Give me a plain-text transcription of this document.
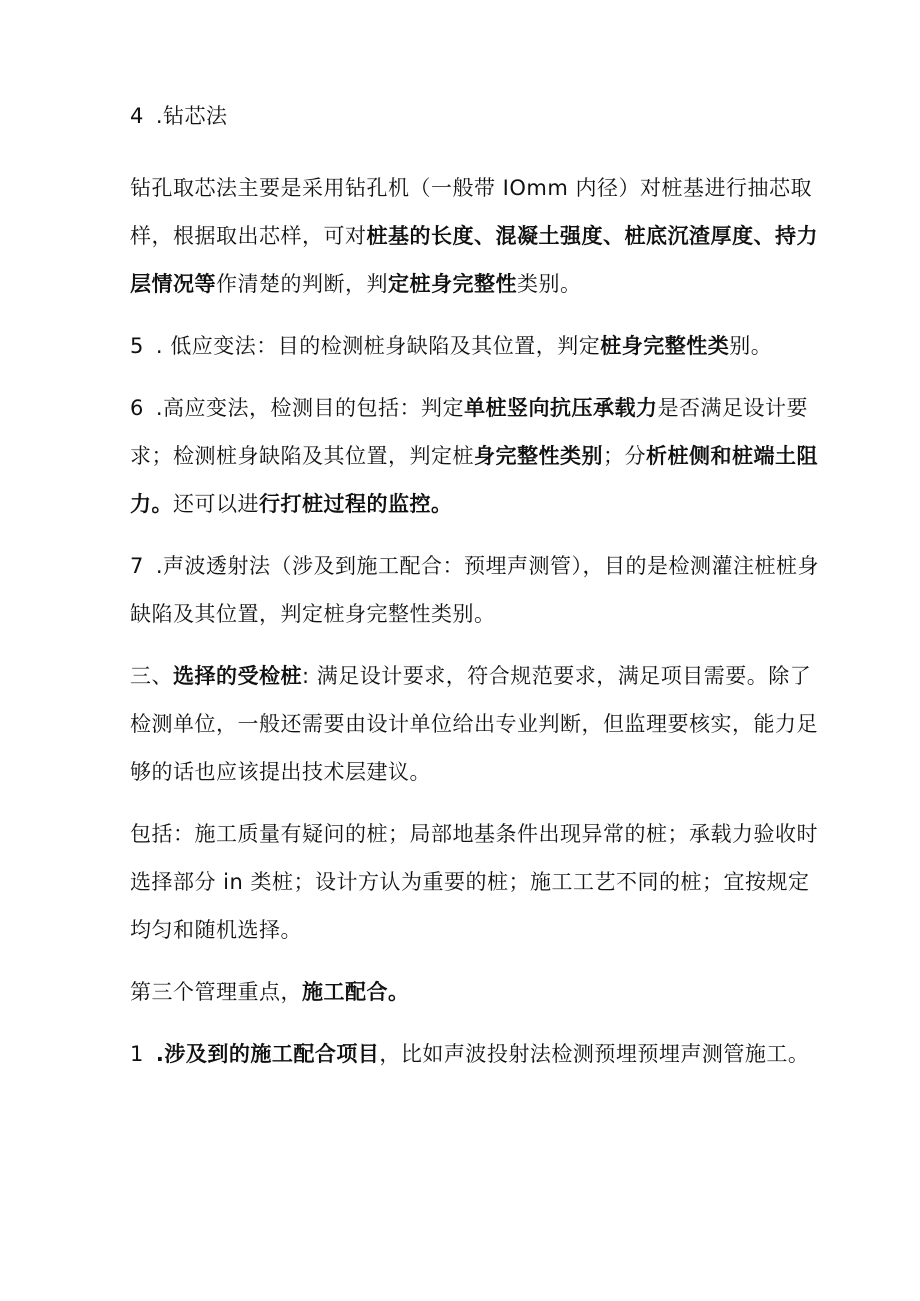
4 .钻芯法

钻孔取芯法主要是采用钻孔机（一般带 IOmm 内径）对桩基进行抽芯取样，根据取出芯样，可对桩基的长度、混凝土强度、桩底沉渣厚度、持力层情况等作清楚的判断，判定桩身完整性类别。

5 . 低应变法：目的检测桩身缺陷及其位置，判定桩身完整性类别。

6 .高应变法，检测目的包括：判定单桩竖向抗压承载力是否满足设计要求；检测桩身缺陷及其位置，判定桩身完整性类别；分析桩侧和桩端土阻力。还可以进行打桩过程的监控。

7 .声波透射法（涉及到施工配合：预埋声测管），目的是检测灌注桩桩身缺陷及其位置，判定桩身完整性类别。

三、选择的受检桩: 满足设计要求，符合规范要求，满足项目需要。除了检测单位，一般还需要由设计单位给出专业判断，但监理要核实，能力足够的话也应该提出技术层建议。

包括：施工质量有疑问的桩；局部地基条件出现异常的桩；承载力验收时选择部分 in 类桩；设计方认为重要的桩；施工工艺不同的桩；宜按规定均匀和随机选择。

第三个管理重点，施工配合。

1 .涉及到的施工配合项目，比如声波投射法检测预埋预埋声测管施工。
